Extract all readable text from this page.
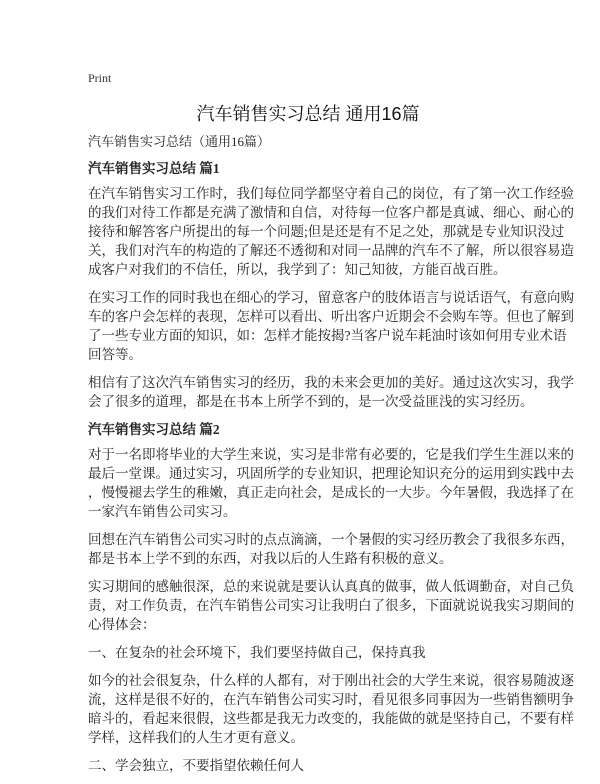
Print
汽车销售实习总结 通用16篇
汽车销售实习总结（通用16篇）
汽车销售实习总结 篇1
在汽车销售实习工作时，我们每位同学都坚守着自己的岗位，有了第一次工作经验
的我们对待工作都是充满了激情和自信，对待每一位客户都是真诚、细心、耐心的
接待和解答客户所提出的每一个问题;但是还是有不足之处，那就是专业知识没过
关，我们对汽车的构造的了解还不透彻和对同一品牌的汽车不了解，所以很容易造
成客户对我们的不信任，所以，我学到了：知己知彼，方能百战百胜。
在实习工作的同时我也在细心的学习，留意客户的肢体语言与说话语气，有意向购
车的客户会怎样的表现，怎样可以看出、听出客户近期会不会购车等。但也了解到
了一些专业方面的知识，如：怎样才能按揭?当客户说车耗油时该如何用专业术语
回答等。
相信有了这次汽车销售实习的经历，我的未来会更加的美好。通过这次实习，我学
会了很多的道理，都是在书本上所学不到的，是一次受益匪浅的实习经历。
汽车销售实习总结 篇2
对于一名即将毕业的大学生来说，实习是非常有必要的，它是我们学生生涯以来的
最后一堂课。通过实习，巩固所学的专业知识，把理论知识充分的运用到实践中去
，慢慢褪去学生的稚嫩，真正走向社会，是成长的一大步。今年暑假，我选择了在
一家汽车销售公司实习。
回想在汽车销售公司实习时的点点滴滴，一个暑假的实习经历教会了我很多东西，
都是书本上学不到的东西，对我以后的人生路有积极的意义。
实习期间的感触很深，总的来说就是要认认真真的做事，做人低调勤奋，对自己负
责，对工作负责，在汽车销售公司实习让我明白了很多，下面就说说我实习期间的
心得体会：
一、在复杂的社会环境下，我们要坚持做自己，保持真我
如今的社会很复杂，什么样的人都有，对于刚出社会的大学生来说，很容易随波逐
流，这样是很不好的，在汽车销售公司实习时，看见很多同事因为一些销售额明争
暗斗的，看起来很假，这些都是我无力改变的，我能做的就是坚持自己，不要有样
学样，这样我们的人生才更有意义。
二、学会独立，不要指望依赖任何人
